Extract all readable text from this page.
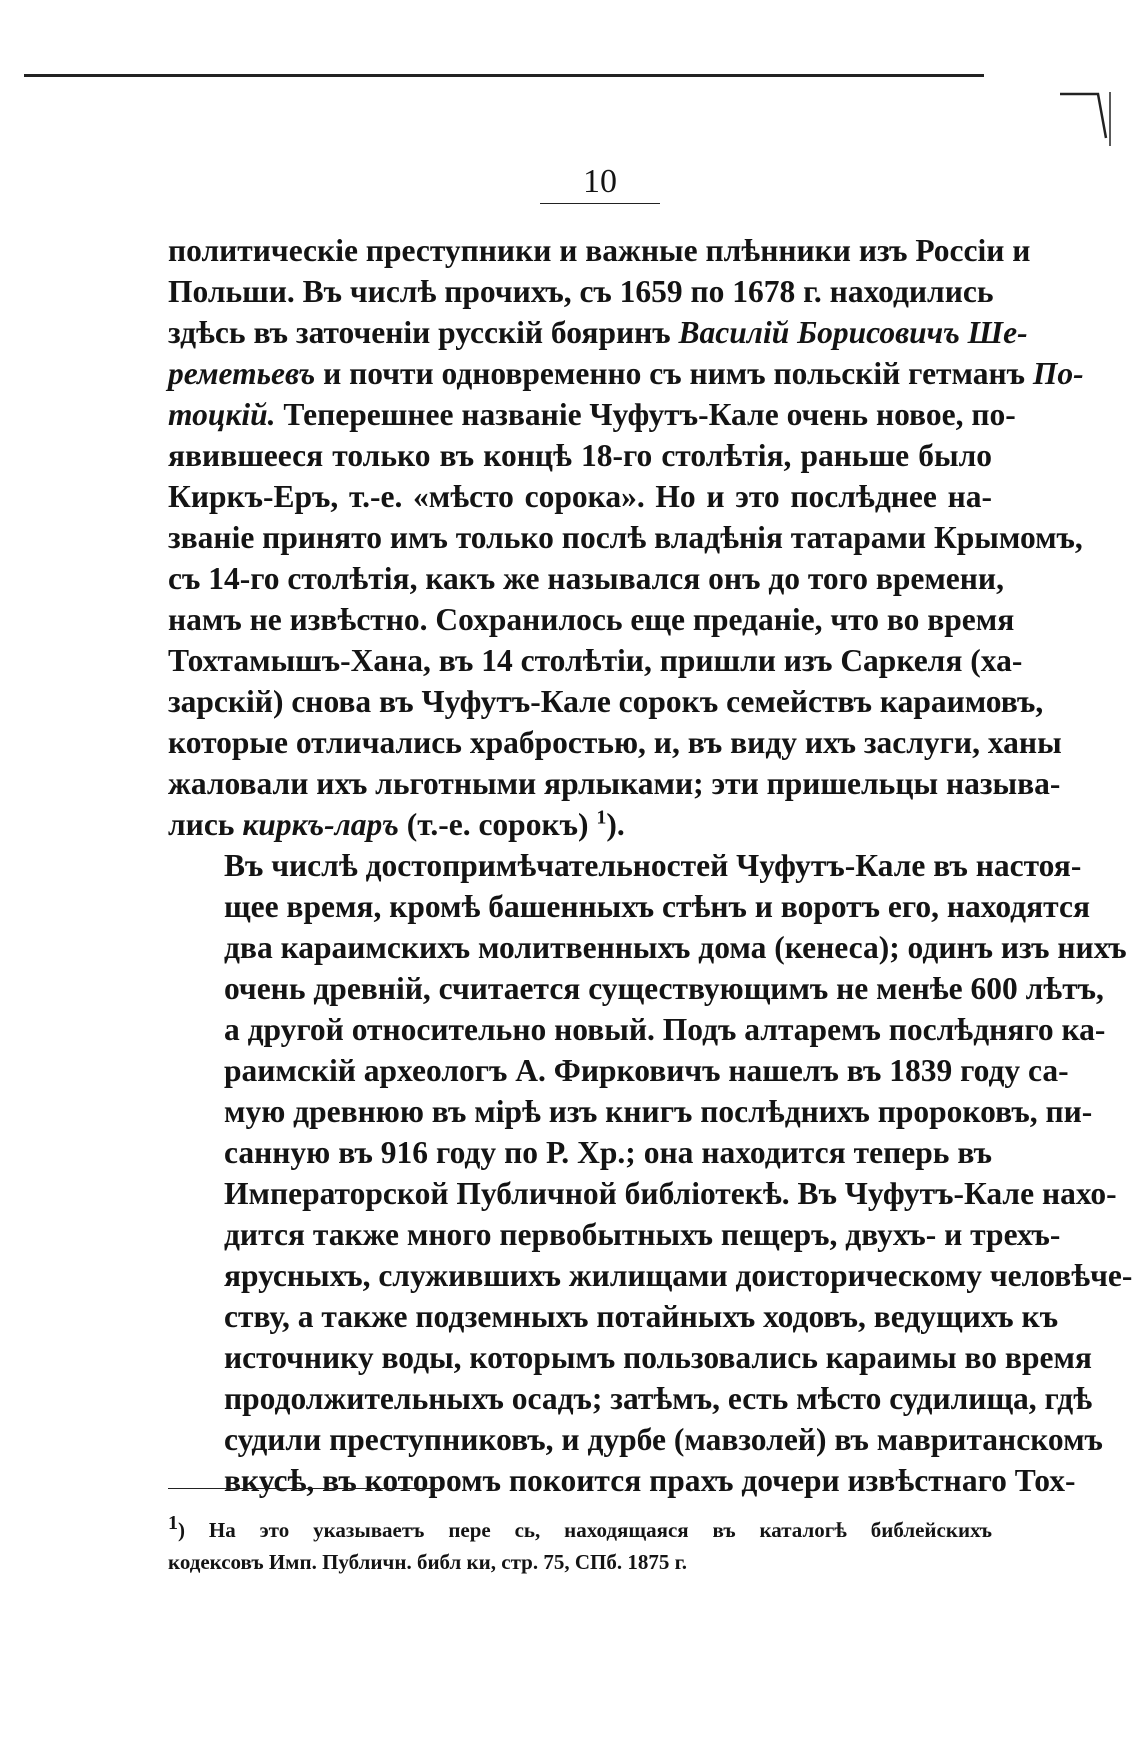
10

политическіе преступники и важные плѣнники изъ Россіи и
Польши. Въ числѣ прочихъ, съ 1659 по 1678 г. находились
здѣсь въ заточеніи русскій бояринъ Василій Борисовичъ Ше-
реметьевъ и почти одновременно съ нимъ польскій гетманъ По-
тоцкій. Теперешнее названіе Чуфутъ-Кале очень новое, по-
явившееся только въ концѣ 18-го столѣтія, раньше было
Киркъ-Еръ, т.-е. «мѣсто сорока». Но и это послѣднее на-
званіе принято имъ только послѣ владѣнія татарами Крымомъ,
съ 14-го столѣтія, какъ же назывался онъ до того времени,
намъ не извѣстно. Сохранилось еще преданіе, что во время
Тохтамышъ-Хана, въ 14 столѣтіи, пришли изъ Саркеля (ха-
зарскій) снова въ Чуфутъ-Кале сорокъ семействъ караимовъ,
которые отличались храбростью, и, въ виду ихъ заслуги, ханы
жаловали ихъ льготными ярлыками; эти пришельцы называ-
лись киркъ-ларъ (т.-е. сорокъ) $^1$).

Въ числѣ достопримѣчательностей Чуфутъ-Кале въ настоя-
щее время, кромѣ башенныхъ стѣнъ и воротъ его, находятся
два караимскихъ молитвенныхъ дома (кенеса); одинъ изъ нихъ
очень древній, считается существующимъ не менѣе 600 лѣтъ,
а другой относительно новый. Подъ алтаремъ послѣдняго ка-
раимскій археологъ А. Фирковичъ нашелъ въ 1839 году са-
мую древнюю въ мірѣ изъ книгъ послѣднихъ пророковъ, пи-
санную въ 916 году по Р. Хр.; она находится теперь въ
Императорской Публичной библіотекѣ. Въ Чуфутъ-Кале нахо-
дится также много первобытныхъ пещеръ, двухъ- и трехъ-
ярусныхъ, служившихъ жилищами доисторическому человѣче-
ству, а также подземныхъ потайныхъ ходовъ, ведущихъ къ
источнику воды, которымъ пользовались караимы во время
продолжительныхъ осадъ; затѣмъ, есть мѣсто судилища, гдѣ
судили преступниковъ, и дурбе (мавзолей) въ мавританскомъ
вкусѣ, въ которомъ покоится прахъ дочери извѣстнаго Тох-

1) На это указываетъ пере сь, находящаяся въ каталогѣ библейскихъ
кодексовъ Имп. Публичн. библ ки, стр. 75, СПб. 1875 г.
